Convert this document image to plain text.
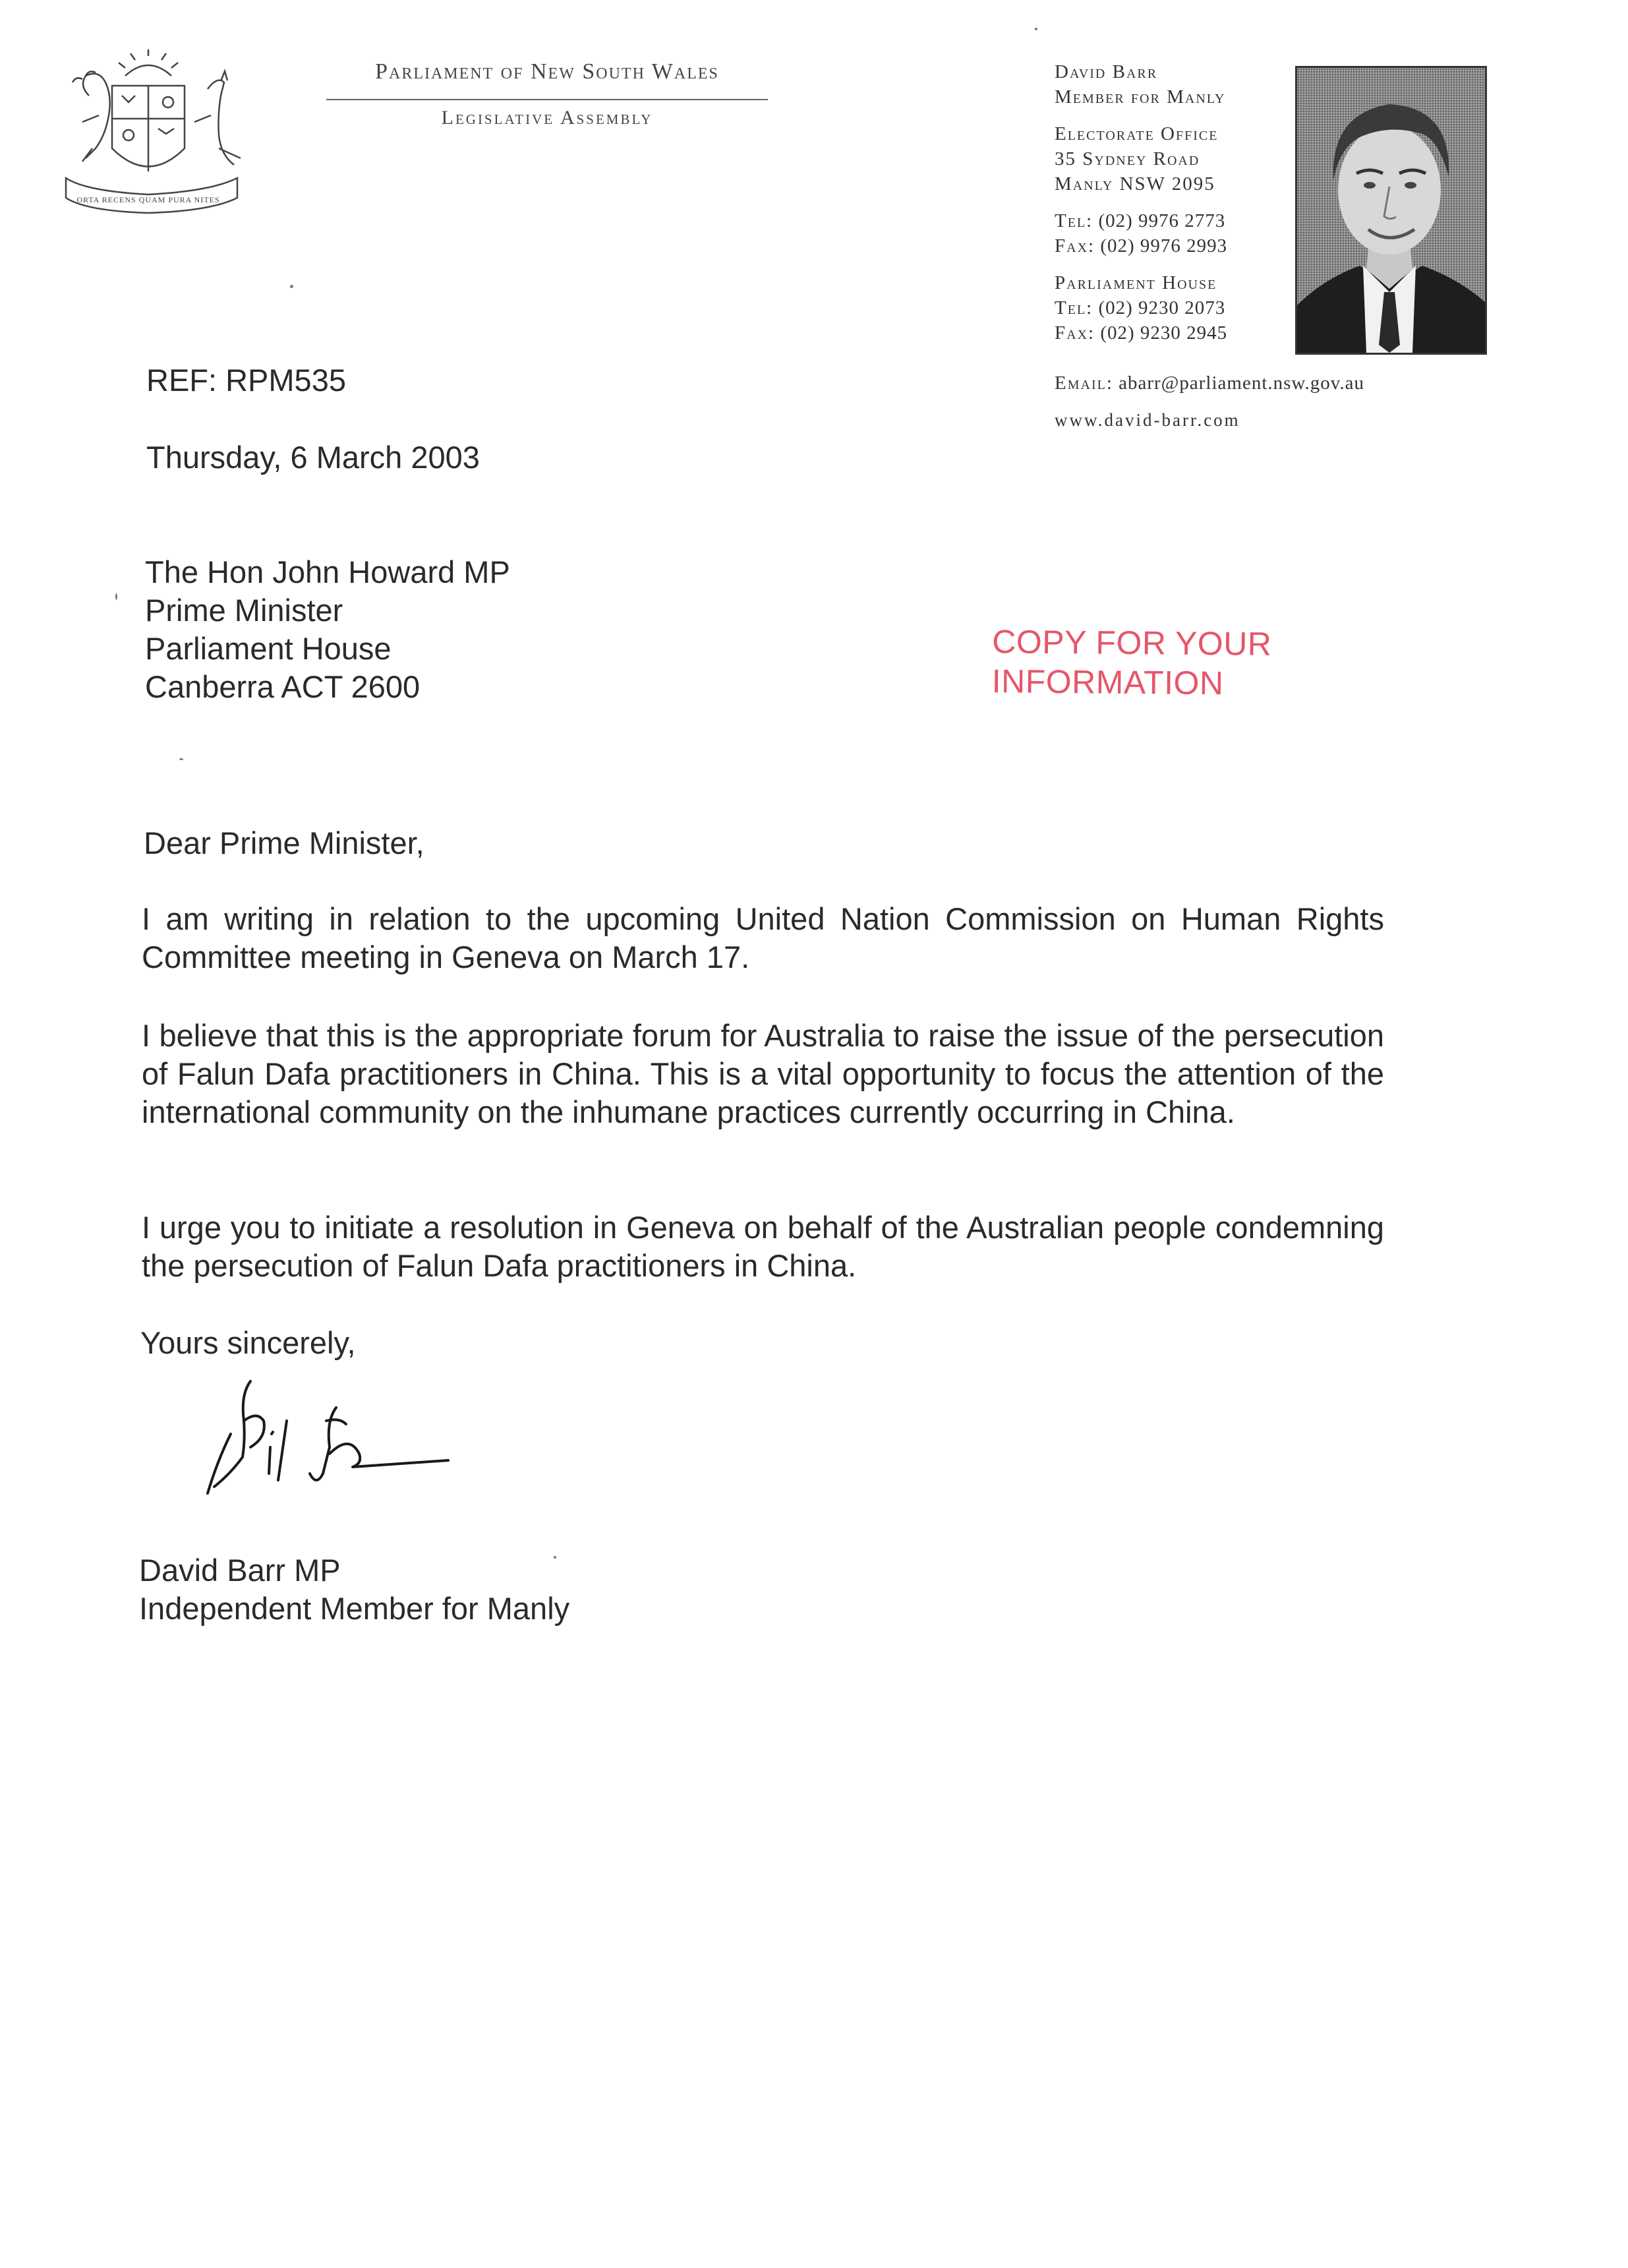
ORTA RECENS QUAM PURA NITES
Parliament of New South Wales
Legislative Assembly
David Barr
Member for Manly
Electorate Office
35 Sydney Road
Manly NSW 2095
Tel: (02) 9976 2773
Fax: (02) 9976 2993
Parliament House
Tel: (02) 9230 2073
Fax: (02) 9230 2945
Email: abarr@parliament.nsw.gov.au
www.david-barr.com
REF: RPM535
Thursday, 6 March 2003
The Hon John Howard MP
Prime Minister
Parliament House
Canberra ACT 2600
COPY FOR YOUR
INFORMATION
Dear Prime Minister,
I am writing in relation to the upcoming United Nation Commission on Human Rights Committee meeting in Geneva on March 17.
I believe that this is the appropriate forum for Australia to raise the issue of the persecution of Falun Dafa practitioners in China. This is a vital opportunity to focus the attention of the international community on the inhumane practices currently occurring in China.
I urge you to initiate a resolution in Geneva on behalf of the Australian people condemning the persecution of Falun Dafa practitioners in China.
Yours sincerely,
David Barr MP
Independent Member for Manly
